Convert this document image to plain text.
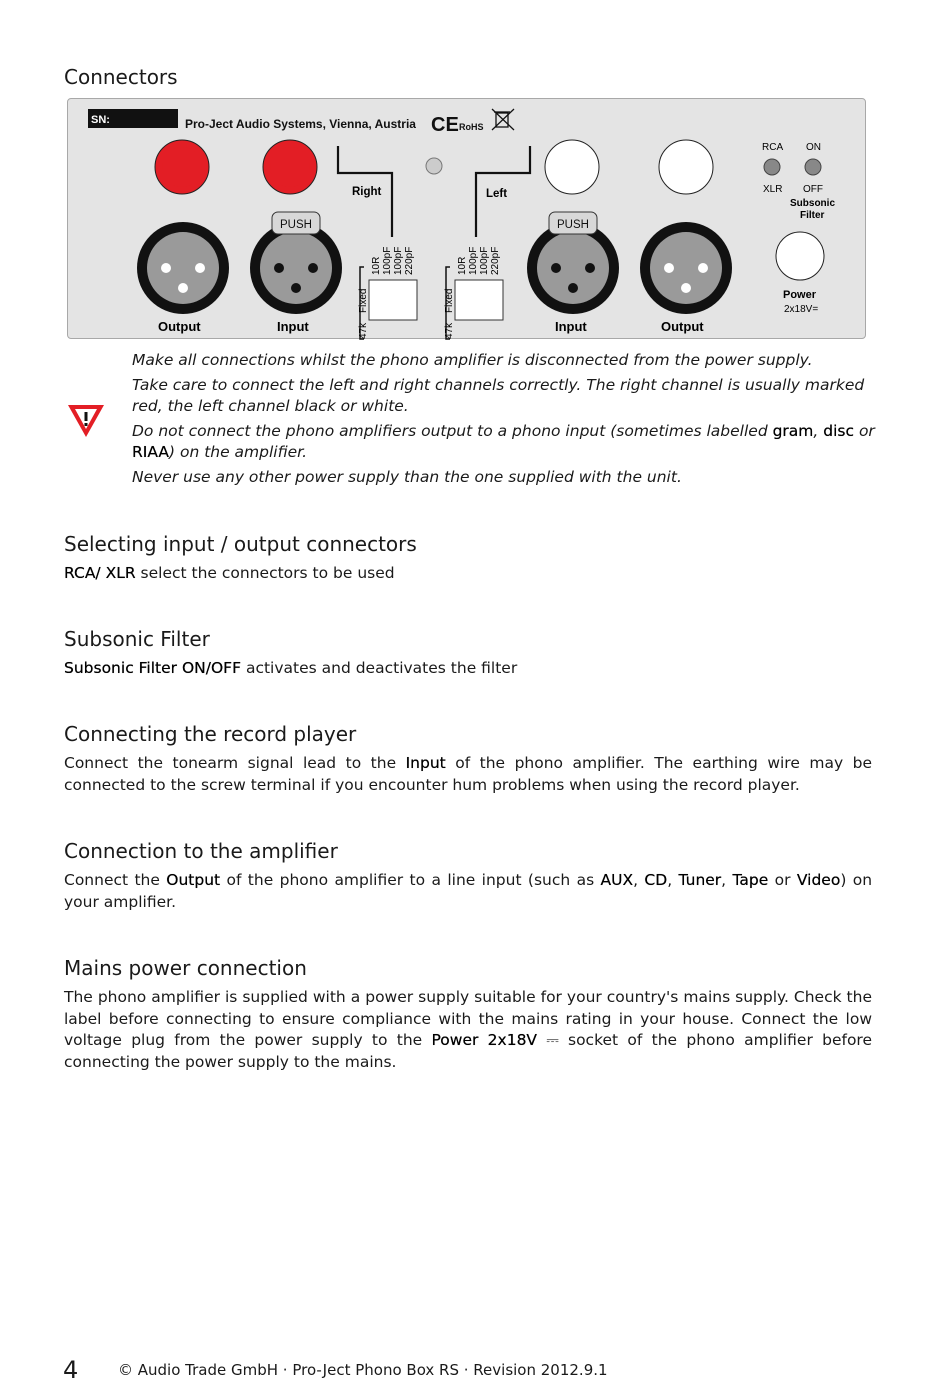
Connectors
SN:	Pro-Ject Audio Systems, Vienna, Austria CE RoHS
Right	Left
PUSH	PUSH
Output	Input	Input	Output
Fixed
47k
10R 100pF 100pF 220pF
Fixed
47k
10R 100pF 100pF 220pF
RCA ON
XLR OFF
Subsonic
Filter
Power
2x18V=

Make all connections whilst the phono amplifier is disconnected from the power supply.

Take care to connect the left and right channels correctly. The right channel is usually marked red, the left channel black or white.

Do not connect the phono amplifiers output to a phono input (sometimes labelled gram, disc or RIAA) on the amplifier.

Never use any other power supply than the one supplied with the unit.

Selecting input / output connectors
RCA/ XLR select the connectors to be used
Subsonic Filter
Subsonic Filter ON/OFF activates and deactivates the filter
Connecting the record player
Connect the tonearm signal lead to the Input of the phono amplifier. The earthing wire may be connected to the screw terminal if you encounter hum problems when using the record player.
Connection to the amplifier
Connect the Output of the phono amplifier to a line input (such as AUX, CD, Tuner, Tape or Video) on your amplifier.
Mains power connection
The phono amplifier is supplied with a power supply suitable for your country's mains supply. Check the label before connecting to ensure compliance with the mains rating in your house. Connect the low voltage plug from the power supply to the Power 2x18V ⎓ socket of the phono amplifier before connecting the power supply to the mains.
4	© Audio Trade GmbH · Pro-Ject Phono Box RS · Revision 2012.9.1
